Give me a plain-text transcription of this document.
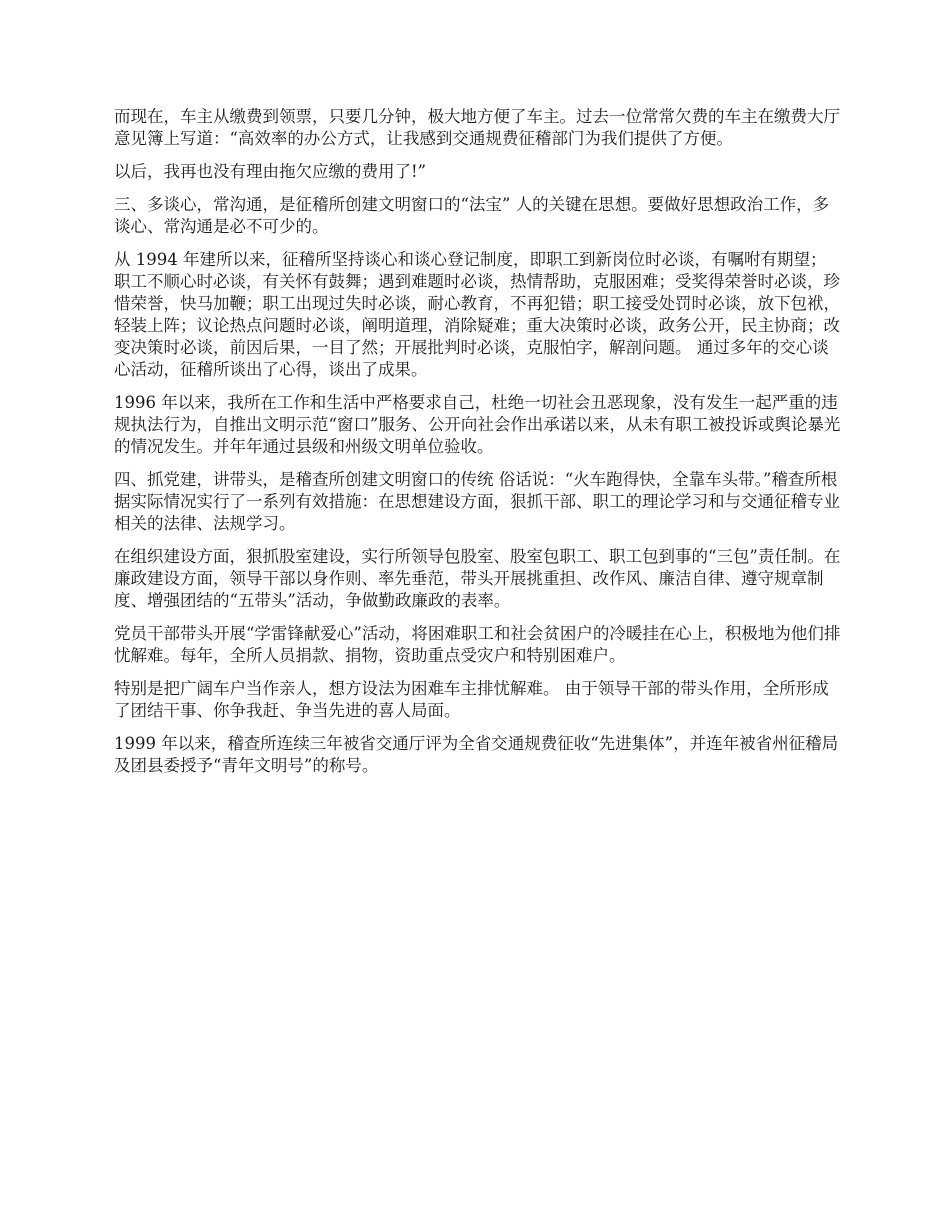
而现在，车主从缴费到领票，只要几分钟，极大地方便了车主。过去一位常常欠费的车主在缴费大厅意见簿上写道：“高效率的办公方式，让我感到交通规费征稽部门为我们提供了方便。

以后，我再也没有理由拖欠应缴的费用了!”

三、多谈心，常沟通，是征稽所创建文明窗口的“法宝” 人的关键在思想。要做好思想政治工作，多谈心、常沟通是必不可少的。

从 1994 年建所以来，征稽所坚持谈心和谈心登记制度，即职工到新岗位时必谈，有嘱咐有期望；职工不顺心时必谈，有关怀有鼓舞；遇到难题时必谈，热情帮助，克服困难；受奖得荣誉时必谈，珍惜荣誉，快马加鞭；职工出现过失时必谈，耐心教育，不再犯错；职工接受处罚时必谈，放下包袱，轻装上阵；议论热点问题时必谈，阐明道理，消除疑难；重大决策时必谈，政务公开，民主协商；改变决策时必谈，前因后果，一目了然；开展批判时必谈，克服怕字，解剖问题。 通过多年的交心谈心活动，征稽所谈出了心得，谈出了成果。

1996 年以来，我所在工作和生活中严格要求自己，杜绝一切社会丑恶现象，没有发生一起严重的违规执法行为，自推出文明示范“窗口”服务、公开向社会作出承诺以来，从未有职工被投诉或舆论暴光的情况发生。并年年通过县级和州级文明单位验收。

四、抓党建，讲带头，是稽查所创建文明窗口的传统 俗话说：“火车跑得快，全靠车头带。”稽查所根据实际情况实行了一系列有效措施：在思想建设方面，狠抓干部、职工的理论学习和与交通征稽专业相关的法律、法规学习。

在组织建设方面，狠抓股室建设，实行所领导包股室、股室包职工、职工包到事的“三包”责任制。在廉政建设方面，领导干部以身作则、率先垂范，带头开展挑重担、改作风、廉洁自律、遵守规章制度、增强团结的“五带头”活动，争做勤政廉政的表率。

党员干部带头开展“学雷锋献爱心”活动，将困难职工和社会贫困户的冷暖挂在心上，积极地为他们排忧解难。每年，全所人员捐款、捐物，资助重点受灾户和特别困难户。

特别是把广阔车户当作亲人，想方设法为困难车主排忧解难。 由于领导干部的带头作用，全所形成了团结干事、你争我赶、争当先进的喜人局面。

1999 年以来，稽查所连续三年被省交通厅评为全省交通规费征收“先进集体”，并连年被省州征稽局及团县委授予“青年文明号”的称号。
